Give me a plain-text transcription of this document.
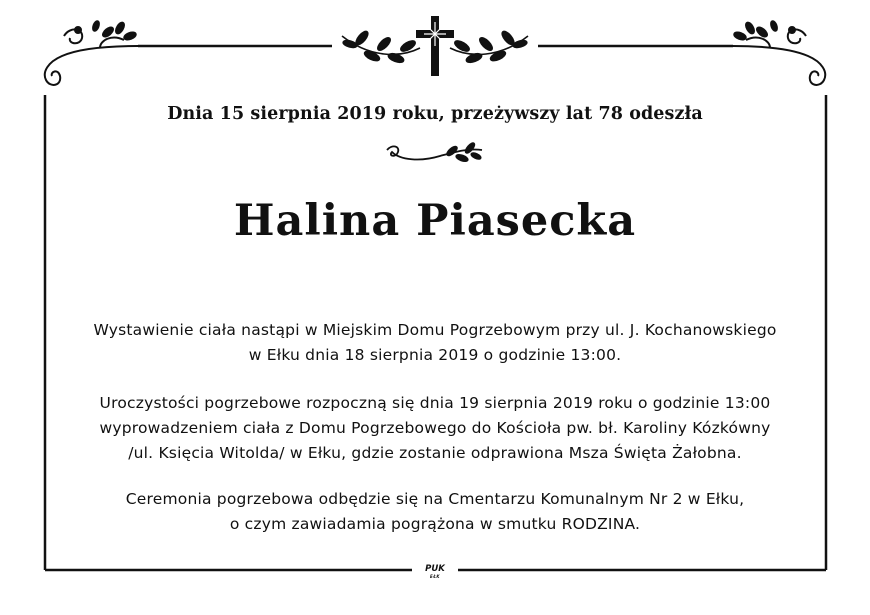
Dnia 15 sierpnia 2019 roku, przeżywszy lat 78 odeszła
Halina Piasecka
Wystawienie ciała nastąpi w Miejskim Domu Pogrzebowym przy ul. J. Kochanowskiego
w Ełku dnia 18 sierpnia 2019 o godzinie 13:00.
Uroczystości pogrzebowe rozpoczną się dnia 19 sierpnia 2019 roku o godzinie 13:00
wyprowadzeniem ciała z Domu Pogrzebowego do Kościoła pw. bł. Karoliny Kózkówny
/ul. Księcia Witolda/ w Ełku, gdzie zostanie odprawiona Msza Święta Żałobna.
Ceremonia pogrzebowa odbędzie się na Cmentarzu Komunalnym Nr 2 w Ełku,
o czym zawiadamia pogrążona w smutku RODZINA.
PUK
EŁK
